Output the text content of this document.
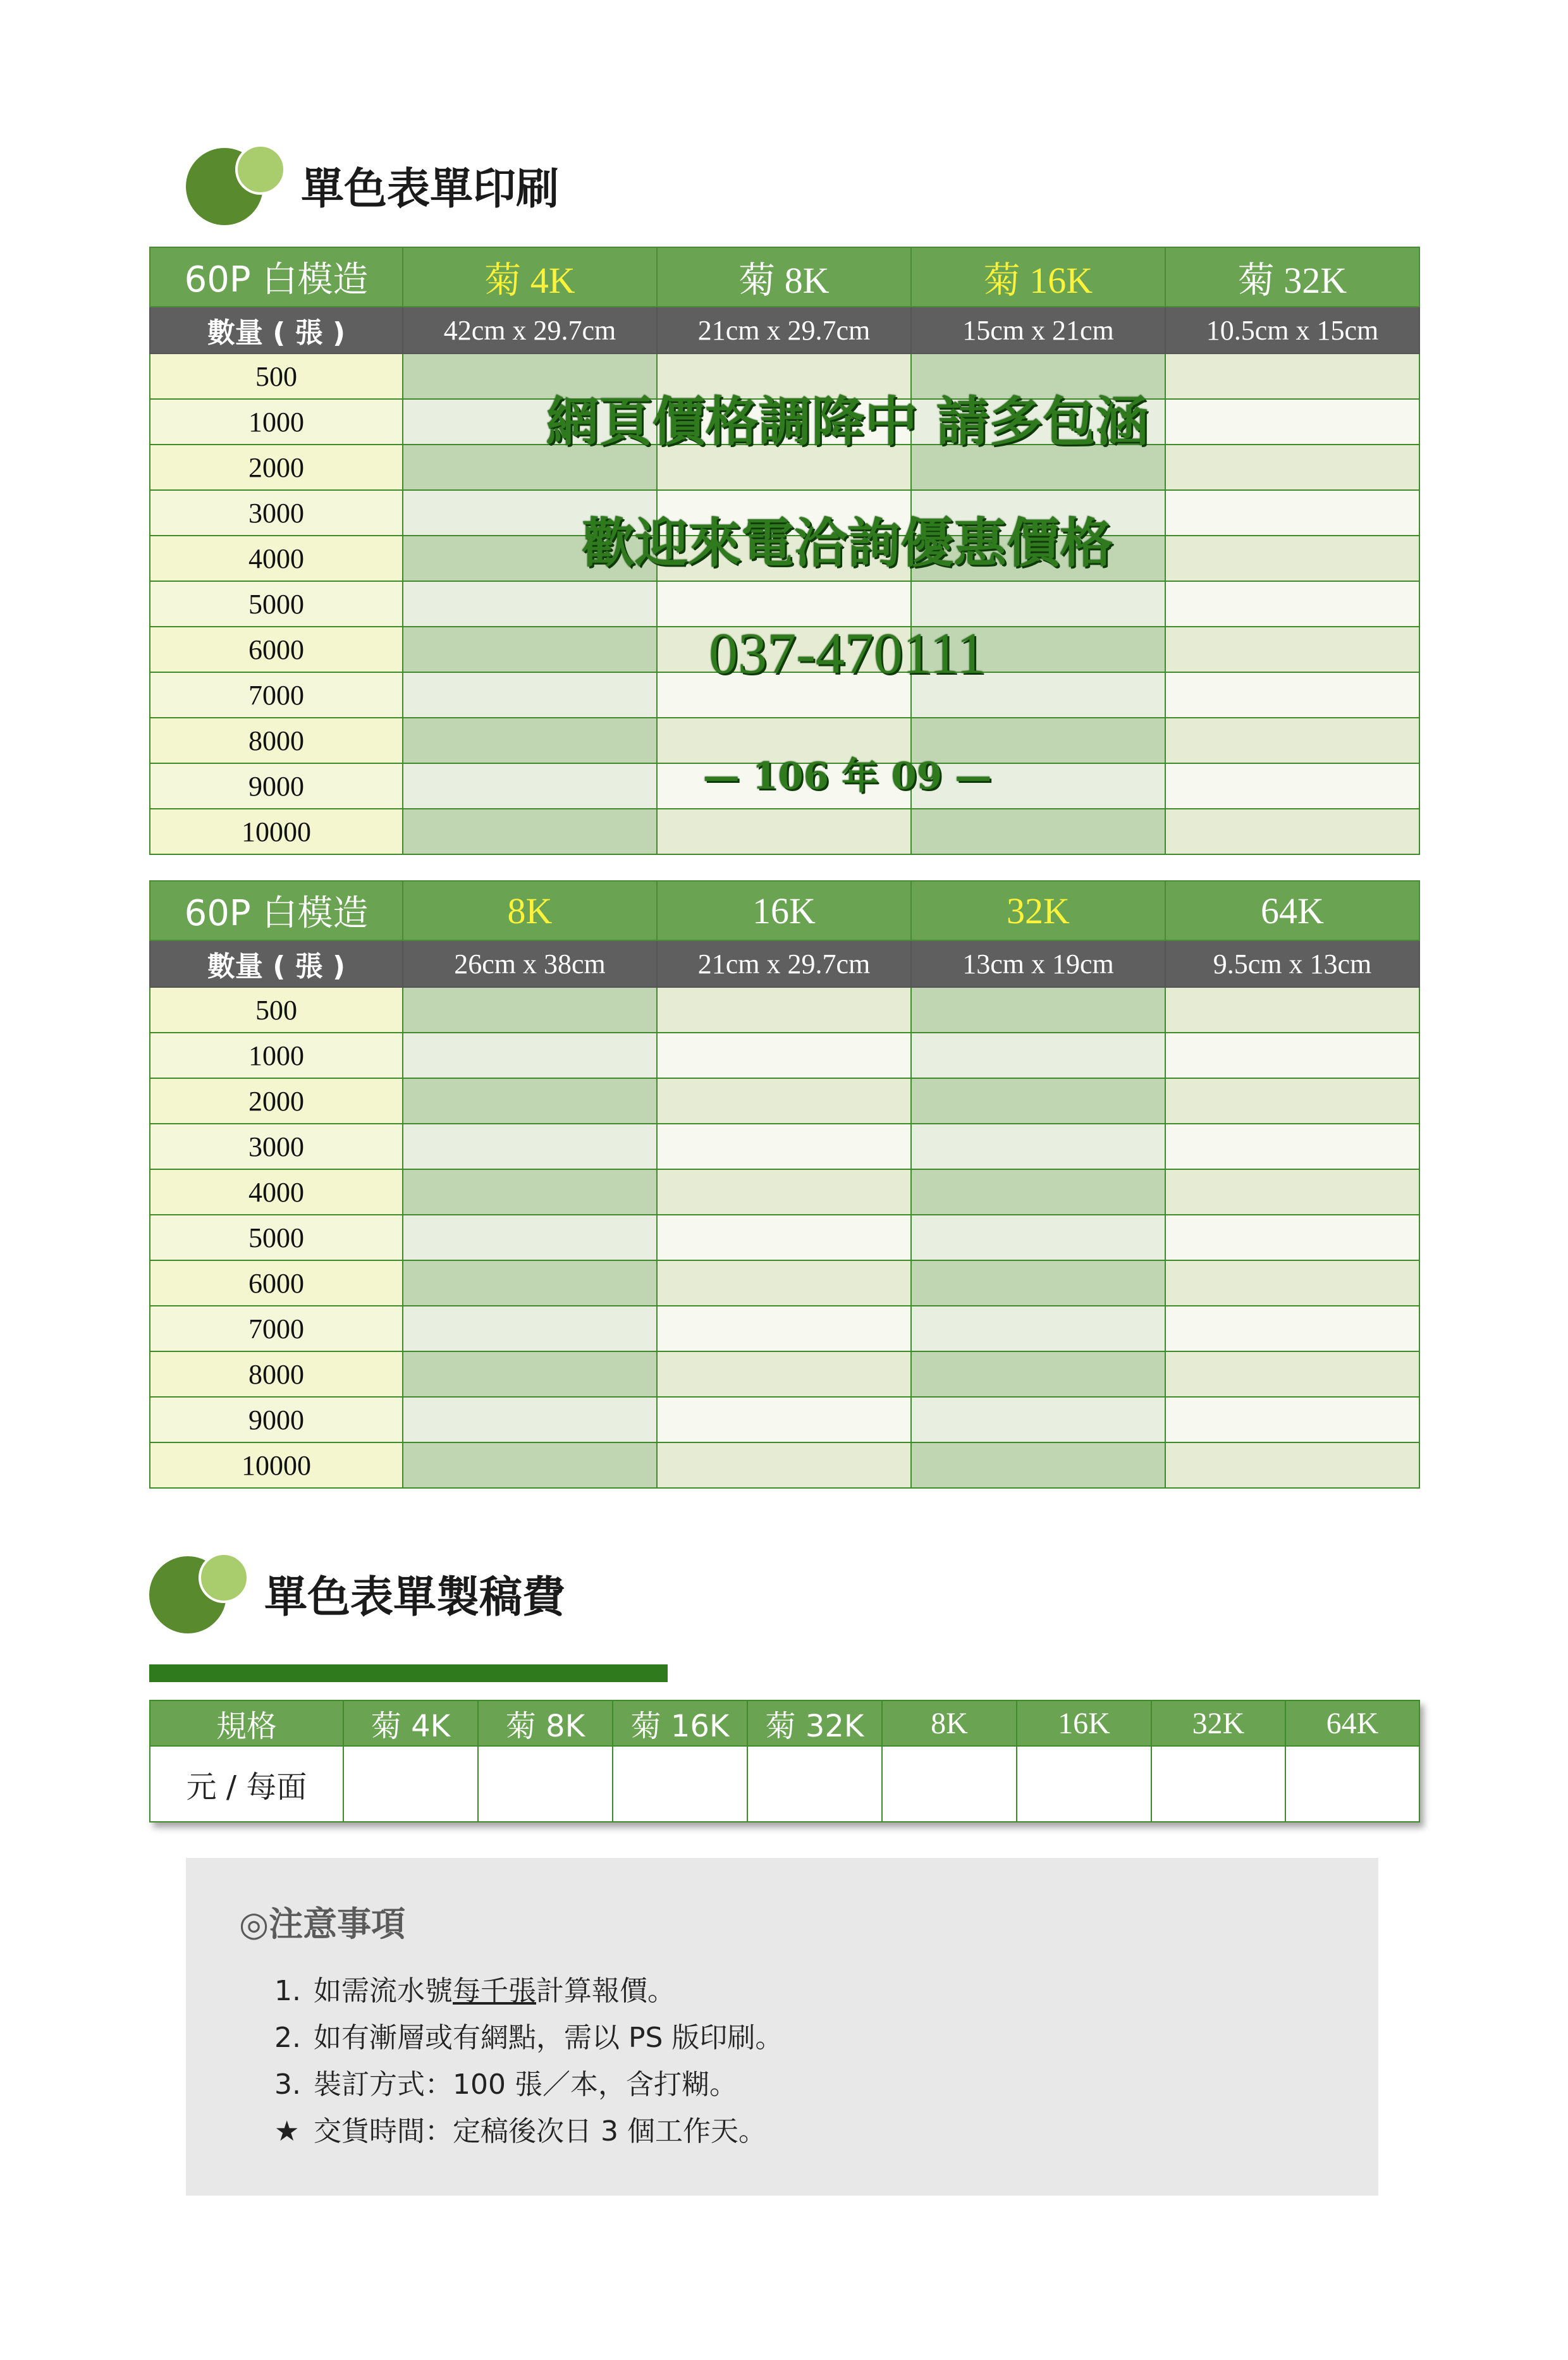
單色表單印刷
60P 白模造	菊 4K	菊 8K	菊 16K	菊 32K
數量 ( 張 )	42cm x 29.7cm	21cm x 29.7cm	15cm x 21cm	10.5cm x 15cm
500				
1000				
2000				
3000				
4000				
5000				
6000				
7000				
8000				
9000				
10000				
網頁價格調降中 請多包涵
歡迎來電洽詢優惠價格
037-470111
— 106 年 09 —
60P 白模造	8K	16K	32K	64K
數量 ( 張 )	26cm x 38cm	21cm x 29.7cm	13cm x 19cm	9.5cm x 13cm
500				
1000				
2000				
3000				
4000				
5000				
6000				
7000				
8000				
9000				
10000				
單色表單製稿費
規格	菊 4K	菊 8K	菊 16K	菊 32K	8K	16K	32K	64K
元 / 每面								
◎注意事項
1. 如需流水號每千張計算報價。
2. 如有漸層或有網點，需以 PS 版印刷。
3. 裝訂方式：100 張／本，含打糊。
★ 交貨時間：定稿後次日 3 個工作天。
